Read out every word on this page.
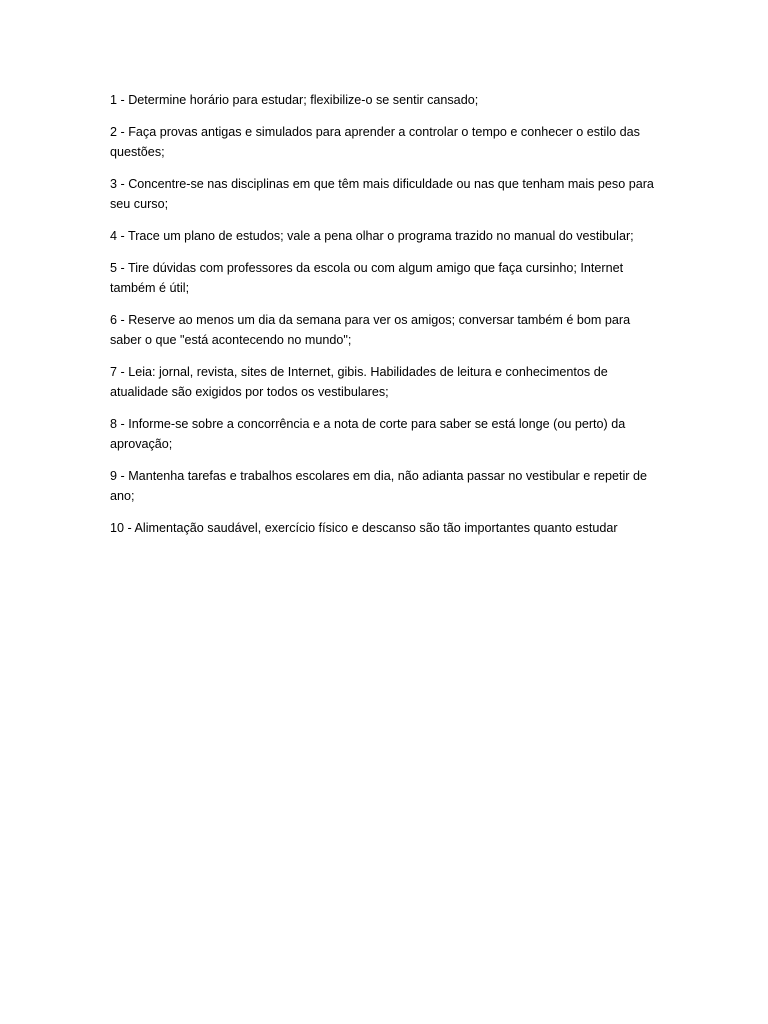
1 - Determine horário para estudar; flexibilize-o se sentir cansado;

2 - Faça provas antigas e simulados para aprender a controlar o tempo e conhecer o estilo das questões;

3 - Concentre-se nas disciplinas em que têm mais dificuldade ou nas que tenham mais peso para seu curso;

4 - Trace um plano de estudos; vale a pena olhar o programa trazido no manual do vestibular;

5 - Tire dúvidas com professores da escola ou com algum amigo que faça cursinho; Internet também é útil;

6 - Reserve ao menos um dia da semana para ver os amigos; conversar também é bom para saber o que "está acontecendo no mundo";

7 - Leia: jornal, revista, sites de Internet, gibis. Habilidades de leitura e conhecimentos de atualidade são exigidos por todos os vestibulares;

8 - Informe-se sobre a concorrência e a nota de corte para saber se está longe (ou perto) da aprovação;

9 - Mantenha tarefas e trabalhos escolares em dia, não adianta passar no vestibular e repetir de ano;

10 - Alimentação saudável, exercício físico e descanso são tão importantes quanto estudar
